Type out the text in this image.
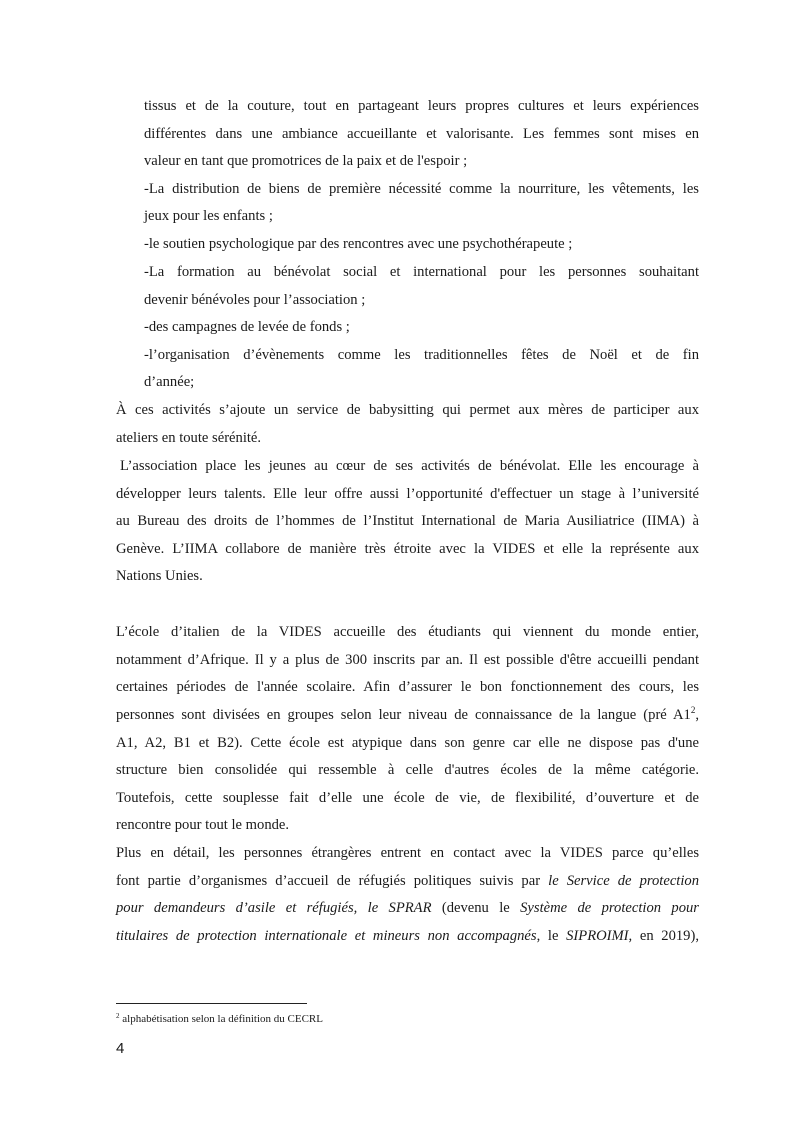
tissus et de la couture, tout en partageant leurs propres cultures et leurs expériences
différentes dans une ambiance accueillante et valorisante. Les femmes sont mises en
valeur en tant que promotrices de la paix et de l'espoir ;
-La distribution de biens de première nécessité comme la nourriture, les vêtements, les
jeux pour les enfants ;
-le soutien psychologique par des rencontres avec une psychothérapeute ;
-La formation au bénévolat social et international pour les personnes souhaitant
devenir bénévoles pour l’association ;
-des campagnes de levée de fonds ;
-l’organisation d’évènements comme les traditionnelles fêtes de Noël et de fin
d’année;
À ces activités s’ajoute un service de babysitting qui permet aux mères de participer aux
ateliers en toute sérénité.
L’association place les jeunes au cœur de ses activités de bénévolat. Elle les encourage à
développer leurs talents. Elle leur offre aussi l’opportunité d'effectuer un stage à l’université
au Bureau des droits de l’hommes de l’Institut International de Maria Ausiliatrice (IIMA) à
Genève. L’IIMA collabore de manière très étroite avec la VIDES et elle la représente aux
Nations Unies.
L’école d’italien de la VIDES accueille des étudiants qui viennent du monde entier,
notamment d’Afrique. Il y a plus de 300 inscrits par an. Il est possible d'être accueilli pendant
certaines périodes de l'année scolaire. Afin d’assurer le bon fonctionnement des cours, les
personnes sont divisées en groupes selon leur niveau de connaissance de la langue (pré $A1^2$,
A1, A2, B1 et B2). Cette école est atypique dans son genre car elle ne dispose pas d'une
structure bien consolidée qui ressemble à celle d'autres écoles de la même catégorie.
Toutefois, cette souplesse fait d’elle une école de vie, de flexibilité, d’ouverture et de
rencontre pour tout le monde.
Plus en détail, les personnes étrangères entrent en contact avec la VIDES parce qu’elles
font partie d’organismes d’accueil de réfugiés politiques suivis par le Service de protection
pour demandeurs d’asile et réfugiés, le SPRAR (devenu le Système de protection pour
titulaires de protection internationale et mineurs non accompagnés, le SIPROIMI, en 2019),
$^2$ alphabétisation selon la définition du CECRL
4
